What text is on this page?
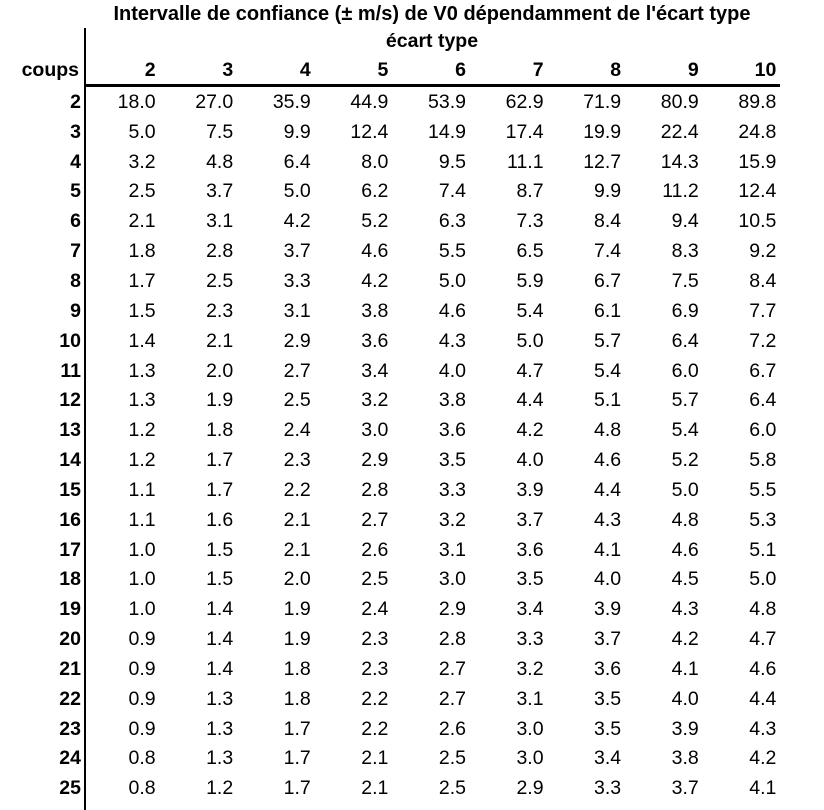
Intervalle de confiance (± m/s) de V0 dépendamment de l'écart type
écart type
coups	2	3	4	5	6	7	8	9	10
2	18.0	27.0	35.9	44.9	53.9	62.9	71.9	80.9	89.8
3	5.0	7.5	9.9	12.4	14.9	17.4	19.9	22.4	24.8
4	3.2	4.8	6.4	8.0	9.5	11.1	12.7	14.3	15.9
5	2.5	3.7	5.0	6.2	7.4	8.7	9.9	11.2	12.4
6	2.1	3.1	4.2	5.2	6.3	7.3	8.4	9.4	10.5
7	1.8	2.8	3.7	4.6	5.5	6.5	7.4	8.3	9.2
8	1.7	2.5	3.3	4.2	5.0	5.9	6.7	7.5	8.4
9	1.5	2.3	3.1	3.8	4.6	5.4	6.1	6.9	7.7
10	1.4	2.1	2.9	3.6	4.3	5.0	5.7	6.4	7.2
11	1.3	2.0	2.7	3.4	4.0	4.7	5.4	6.0	6.7
12	1.3	1.9	2.5	3.2	3.8	4.4	5.1	5.7	6.4
13	1.2	1.8	2.4	3.0	3.6	4.2	4.8	5.4	6.0
14	1.2	1.7	2.3	2.9	3.5	4.0	4.6	5.2	5.8
15	1.1	1.7	2.2	2.8	3.3	3.9	4.4	5.0	5.5
16	1.1	1.6	2.1	2.7	3.2	3.7	4.3	4.8	5.3
17	1.0	1.5	2.1	2.6	3.1	3.6	4.1	4.6	5.1
18	1.0	1.5	2.0	2.5	3.0	3.5	4.0	4.5	5.0
19	1.0	1.4	1.9	2.4	2.9	3.4	3.9	4.3	4.8
20	0.9	1.4	1.9	2.3	2.8	3.3	3.7	4.2	4.7
21	0.9	1.4	1.8	2.3	2.7	3.2	3.6	4.1	4.6
22	0.9	1.3	1.8	2.2	2.7	3.1	3.5	4.0	4.4
23	0.9	1.3	1.7	2.2	2.6	3.0	3.5	3.9	4.3
24	0.8	1.3	1.7	2.1	2.5	3.0	3.4	3.8	4.2
25	0.8	1.2	1.7	2.1	2.5	2.9	3.3	3.7	4.1
